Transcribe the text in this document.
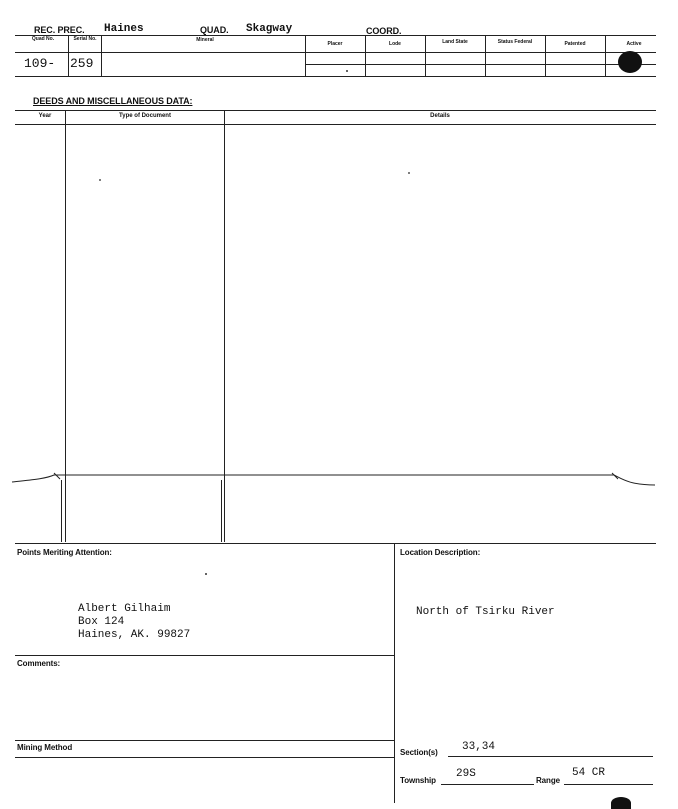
REC. PREC. Haines	QUAD. Skagway	COORD.
Quad No.	Serial No.	Mineral
Placer	Lode	Land State	Status Federal	Patented	Active
109- 259
DEEDS AND MISCELLANEOUS DATA:
Year	Type of Document	Details
Points Meriting Attention:	Location Description:
Albert Gilhaim
Box 124
Haines, AK. 99827
North of Tsirku River
Comments:
Mining Method
Section(s) 33,34
Township
29S
Range
54 CR
